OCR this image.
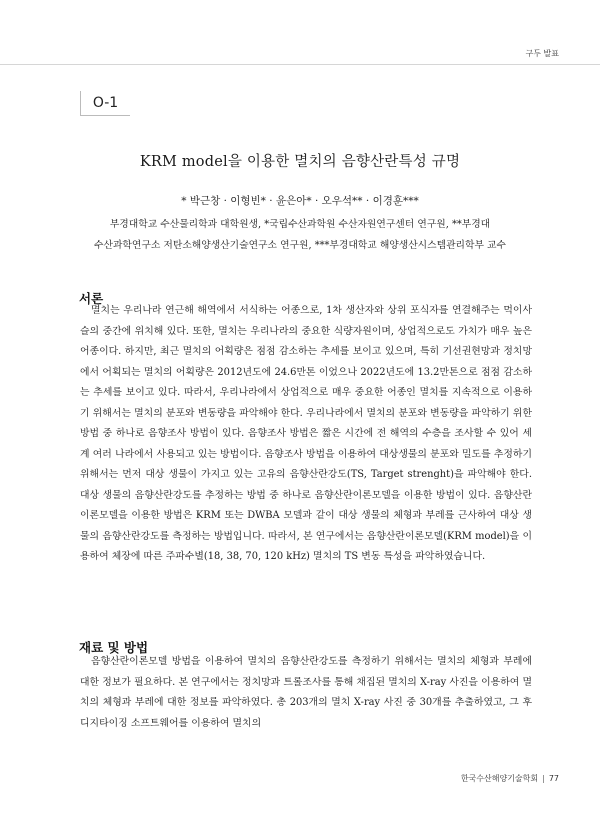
구두 발표
O-1
KRM model을 이용한 멸치의 음향산란특성 규명
* 박근창 · 이형빈* · 윤은아* · 오우석** · 이경훈***
부경대학교 수산물리학과 대학원생, *국립수산과학원 수산자원연구센터 연구원, **부경대
수산과학연구소 저탄소해양생산기술연구소 연구원, ***부경대학교 해양생산시스템관리학부 교수
서론

멸치는 우리나라 연근해 해역에서 서식하는 어종으로, 1차 생산자와 상위 포식자를 연결해주는 먹이사슬의 중간에 위치해 있다. 또한, 멸치는 우리나라의 중요한 식량자원이며, 상업적으로도 가치가 매우 높은 어종이다. 하지만, 최근 멸치의 어획량은 점점 감소하는 추세를 보이고 있으며, 특히 기선권현망과 정치망에서 어획되는 멸치의 어획량은 2012년도에 24.6만톤 이었으나 2022년도에 13.2만톤으로 점점 감소하는 추세를 보이고 있다. 따라서, 우리나라에서 상업적으로 매우 중요한 어종인 멸치를 지속적으로 이용하기 위해서는 멸치의 분포와 변동량을 파악해야 한다. 우리나라에서 멸치의 분포와 변동량을 파악하기 위한 방법 중 하나로 음향조사 방법이 있다. 음향조사 방법은 짧은 시간에 전 해역의 수층을 조사할 수 있어 세계 여러 나라에서 사용되고 있는 방법이다. 음향조사 방법을 이용하여 대상생물의 분포와 밀도를 추정하기 위해서는 먼저 대상 생물이 가지고 있는 고유의 음향산란강도(TS, Target strenght)을 파악해야 한다. 대상 생물의 음향산란강도를 추정하는 방법 중 하나로 음향산란이론모델을 이용한 방법이 있다. 음향산란이론모델을 이용한 방법은 KRM 또는 DWBA 모델과 같이 대상 생물의 체형과 부레를 근사하여 대상 생물의 음향산란강도를 측정하는 방법입니다. 따라서, 본 연구에서는 음향산란이론모델(KRM model)을 이용하여 체장에 따른 주파수별(18, 38, 70, 120 kHz) 멸치의 TS 변동 특성을 파악하였습니다.

재료 및 방법

음향산란이론모델 방법을 이용하여 멸치의 음향산란강도를 측정하기 위해서는 멸치의 체형과 부레에 대한 정보가 필요하다. 본 연구에서는 정치망과 트롤조사를 통해 채집된 멸치의 X-ray 사진을 이용하여 멸치의 체형과 부레에 대한 정보를 파악하였다. 총 203개의 멸치 X-ray 사진 중 30개를 추출하였고, 그 후 디지타이징 소프트웨어를 이용하여 멸치의

한국수산해양기술학회 | 77
